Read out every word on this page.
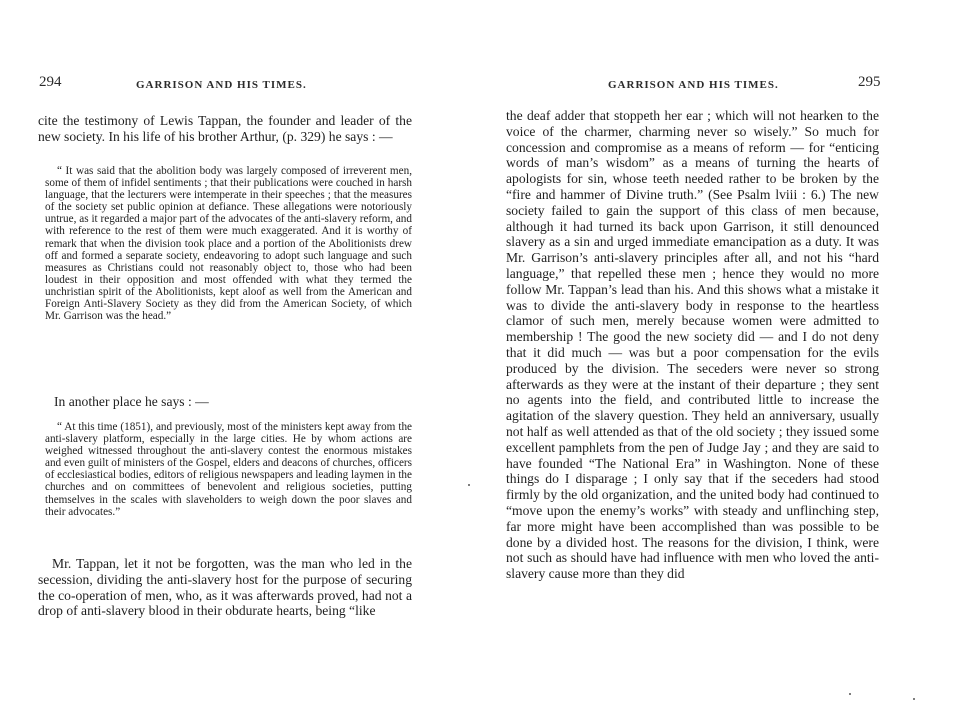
294	GARRISON AND HIS TIMES.

cite the testimony of Lewis Tappan, the founder and leader of the new society. In his life of his brother Arthur, (p. 329) he says : —

“ It was said that the abolition body was largely composed of irreverent men, some of them of infidel sentiments ; that their publications were couched in harsh language, that the lecturers were intemperate in their speeches ; that the measures of the society set public opinion at defiance. These allegations were notoriously untrue, as it regarded a major part of the advocates of the anti-slavery reform, and with reference to the rest of them were much exaggerated. And it is worthy of remark that when the division took place and a portion of the Abolitionists drew off and formed a separate society, endeavoring to adopt such language and such measures as Christians could not reasonably object to, those who had been loudest in their opposition and most offended with what they termed the unchristian spirit of the Abolitionists, kept aloof as well from the American and Foreign Anti-Slavery Society as they did from the American Society, of which Mr. Garrison was the head.”

In another place he says : —

“ At this time (1851), and previously, most of the ministers kept away from the anti-slavery platform, especially in the large cities. He by whom actions are weighed witnessed throughout the anti-slavery contest the enormous mistakes and even guilt of ministers of the Gospel, elders and deacons of churches, officers of ecclesiastical bodies, editors of religious newspapers and leading laymen in the churches and on committees of benevolent and religious societies, putting themselves in the scales with slaveholders to weigh down the poor slaves and their advocates.”

Mr. Tappan, let it not be forgotten, was the man who led in the secession, dividing the anti-slavery host for the purpose of securing the co-operation of men, who, as it was afterwards proved, had not a drop of anti-slavery blood in their obdurate hearts, being “like

GARRISON AND HIS TIMES.	295

the deaf adder that stoppeth her ear ; which will not hearken to the voice of the charmer, charming never so wisely.” So much for concession and compromise as a means of reform — for “enticing words of man’s wisdom” as a means of turning the hearts of apologists for sin, whose teeth needed rather to be broken by the “fire and hammer of Divine truth.” (See Psalm lviii : 6.) The new society failed to gain the support of this class of men because, although it had turned its back upon Garrison, it still denounced slavery as a sin and urged immediate emancipation as a duty. It was Mr. Garrison’s anti-slavery principles after all, and not his “hard language,” that repelled these men ; hence they would no more follow Mr. Tappan’s lead than his. And this shows what a mistake it was to divide the anti-slavery body in response to the heartless clamor of such men, merely because women were admitted to membership ! The good the new society did — and I do not deny that it did much — was but a poor compensation for the evils produced by the division. The seceders were never so strong afterwards as they were at the instant of their departure ; they sent no agents into the field, and contributed little to increase the agitation of the slavery question. They held an anniversary, usually not half as well attended as that of the old society ; they issued some excellent pamphlets from the pen of Judge Jay ; and they are said to have founded “The National Era” in Washington. None of these things do I disparage ; I only say that if the seceders had stood firmly by the old organization, and the united body had continued to “move upon the enemy’s works” with steady and unflinching step, far more might have been accomplished than was possible to be done by a divided host. The reasons for the division, I think, were not such as should have had influence with men who loved the anti-slavery cause more than they did
